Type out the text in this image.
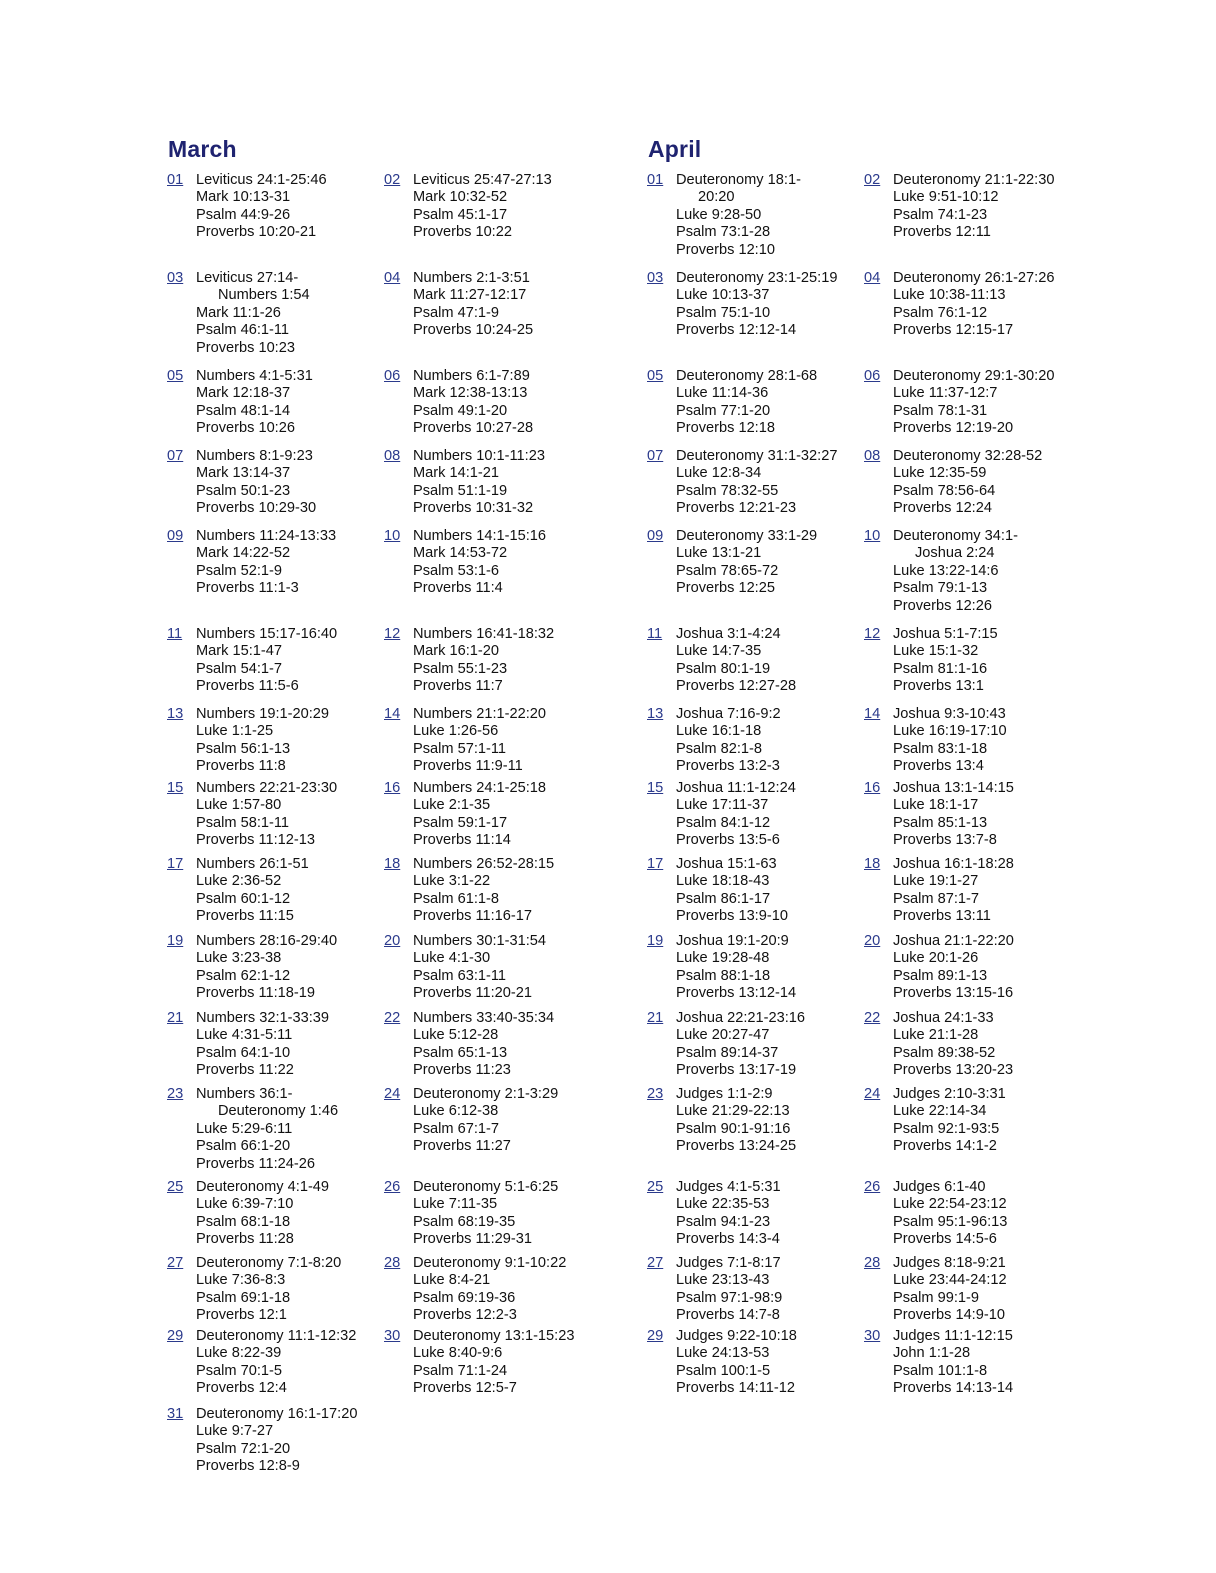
March	April
01 Leviticus 24:1-25:46
Mark 10:13-31
Psalm 44:9-26
Proverbs 10:20-21
02 Leviticus 25:47-27:13
Mark 10:32-52
Psalm 45:1-17
Proverbs 10:22
03 Leviticus 27:14-
Numbers 1:54
Mark 11:1-26
Psalm 46:1-11
Proverbs 10:23
04 Numbers 2:1-3:51
Mark 11:27-12:17
Psalm 47:1-9
Proverbs 10:24-25
05 Numbers 4:1-5:31
Mark 12:18-37
Psalm 48:1-14
Proverbs 10:26
06 Numbers 6:1-7:89
Mark 12:38-13:13
Psalm 49:1-20
Proverbs 10:27-28
07 Numbers 8:1-9:23
Mark 13:14-37
Psalm 50:1-23
Proverbs 10:29-30
08 Numbers 10:1-11:23
Mark 14:1-21
Psalm 51:1-19
Proverbs 10:31-32
09 Numbers 11:24-13:33
Mark 14:22-52
Psalm 52:1-9
Proverbs 11:1-3
10 Numbers 14:1-15:16
Mark 14:53-72
Psalm 53:1-6
Proverbs 11:4
11 Numbers 15:17-16:40
Mark 15:1-47
Psalm 54:1-7
Proverbs 11:5-6
12 Numbers 16:41-18:32
Mark 16:1-20
Psalm 55:1-23
Proverbs 11:7
13 Numbers 19:1-20:29
Luke 1:1-25
Psalm 56:1-13
Proverbs 11:8
14 Numbers 21:1-22:20
Luke 1:26-56
Psalm 57:1-11
Proverbs 11:9-11
15 Numbers 22:21-23:30
Luke 1:57-80
Psalm 58:1-11
Proverbs 11:12-13
16 Numbers 24:1-25:18
Luke 2:1-35
Psalm 59:1-17
Proverbs 11:14
17 Numbers 26:1-51
Luke 2:36-52
Psalm 60:1-12
Proverbs 11:15
18 Numbers 26:52-28:15
Luke 3:1-22
Psalm 61:1-8
Proverbs 11:16-17
19 Numbers 28:16-29:40
Luke 3:23-38
Psalm 62:1-12
Proverbs 11:18-19
20 Numbers 30:1-31:54
Luke 4:1-30
Psalm 63:1-11
Proverbs 11:20-21
21 Numbers 32:1-33:39
Luke 4:31-5:11
Psalm 64:1-10
Proverbs 11:22
22 Numbers 33:40-35:34
Luke 5:12-28
Psalm 65:1-13
Proverbs 11:23
23 Numbers 36:1-
Deuteronomy 1:46
Luke 5:29-6:11
Psalm 66:1-20
Proverbs 11:24-26
24 Deuteronomy 2:1-3:29
Luke 6:12-38
Psalm 67:1-7
Proverbs 11:27
25 Deuteronomy 4:1-49
Luke 6:39-7:10
Psalm 68:1-18
Proverbs 11:28
26 Deuteronomy 5:1-6:25
Luke 7:11-35
Psalm 68:19-35
Proverbs 11:29-31
27 Deuteronomy 7:1-8:20
Luke 7:36-8:3
Psalm 69:1-18
Proverbs 12:1
28 Deuteronomy 9:1-10:22
Luke 8:4-21
Psalm 69:19-36
Proverbs 12:2-3
29 Deuteronomy 11:1-12:32
Luke 8:22-39
Psalm 70:1-5
Proverbs 12:4
30 Deuteronomy 13:1-15:23
Luke 8:40-9:6
Psalm 71:1-24
Proverbs 12:5-7
31 Deuteronomy 16:1-17:20
Luke 9:7-27
Psalm 72:1-20
Proverbs 12:8-9
01 Deuteronomy 18:1-
20:20
Luke 9:28-50
Psalm 73:1-28
Proverbs 12:10
02 Deuteronomy 21:1-22:30
Luke 9:51-10:12
Psalm 74:1-23
Proverbs 12:11
03 Deuteronomy 23:1-25:19
Luke 10:13-37
Psalm 75:1-10
Proverbs 12:12-14
04 Deuteronomy 26:1-27:26
Luke 10:38-11:13
Psalm 76:1-12
Proverbs 12:15-17
05 Deuteronomy 28:1-68
Luke 11:14-36
Psalm 77:1-20
Proverbs 12:18
06 Deuteronomy 29:1-30:20
Luke 11:37-12:7
Psalm 78:1-31
Proverbs 12:19-20
07 Deuteronomy 31:1-32:27
Luke 12:8-34
Psalm 78:32-55
Proverbs 12:21-23
08 Deuteronomy 32:28-52
Luke 12:35-59
Psalm 78:56-64
Proverbs 12:24
09 Deuteronomy 33:1-29
Luke 13:1-21
Psalm 78:65-72
Proverbs 12:25
10 Deuteronomy 34:1-
Joshua 2:24
Luke 13:22-14:6
Psalm 79:1-13
Proverbs 12:26
11 Joshua 3:1-4:24
Luke 14:7-35
Psalm 80:1-19
Proverbs 12:27-28
12 Joshua 5:1-7:15
Luke 15:1-32
Psalm 81:1-16
Proverbs 13:1
13 Joshua 7:16-9:2
Luke 16:1-18
Psalm 82:1-8
Proverbs 13:2-3
14 Joshua 9:3-10:43
Luke 16:19-17:10
Psalm 83:1-18
Proverbs 13:4
15 Joshua 11:1-12:24
Luke 17:11-37
Psalm 84:1-12
Proverbs 13:5-6
16 Joshua 13:1-14:15
Luke 18:1-17
Psalm 85:1-13
Proverbs 13:7-8
17 Joshua 15:1-63
Luke 18:18-43
Psalm 86:1-17
Proverbs 13:9-10
18 Joshua 16:1-18:28
Luke 19:1-27
Psalm 87:1-7
Proverbs 13:11
19 Joshua 19:1-20:9
Luke 19:28-48
Psalm 88:1-18
Proverbs 13:12-14
20 Joshua 21:1-22:20
Luke 20:1-26
Psalm 89:1-13
Proverbs 13:15-16
21 Joshua 22:21-23:16
Luke 20:27-47
Psalm 89:14-37
Proverbs 13:17-19
22 Joshua 24:1-33
Luke 21:1-28
Psalm 89:38-52
Proverbs 13:20-23
23 Judges 1:1-2:9
Luke 21:29-22:13
Psalm 90:1-91:16
Proverbs 13:24-25
24 Judges 2:10-3:31
Luke 22:14-34
Psalm 92:1-93:5
Proverbs 14:1-2
25 Judges 4:1-5:31
Luke 22:35-53
Psalm 94:1-23
Proverbs 14:3-4
26 Judges 6:1-40
Luke 22:54-23:12
Psalm 95:1-96:13
Proverbs 14:5-6
27 Judges 7:1-8:17
Luke 23:13-43
Psalm 97:1-98:9
Proverbs 14:7-8
28 Judges 8:18-9:21
Luke 23:44-24:12
Psalm 99:1-9
Proverbs 14:9-10
29 Judges 9:22-10:18
Luke 24:13-53
Psalm 100:1-5
Proverbs 14:11-12
30 Judges 11:1-12:15
John 1:1-28
Psalm 101:1-8
Proverbs 14:13-14
